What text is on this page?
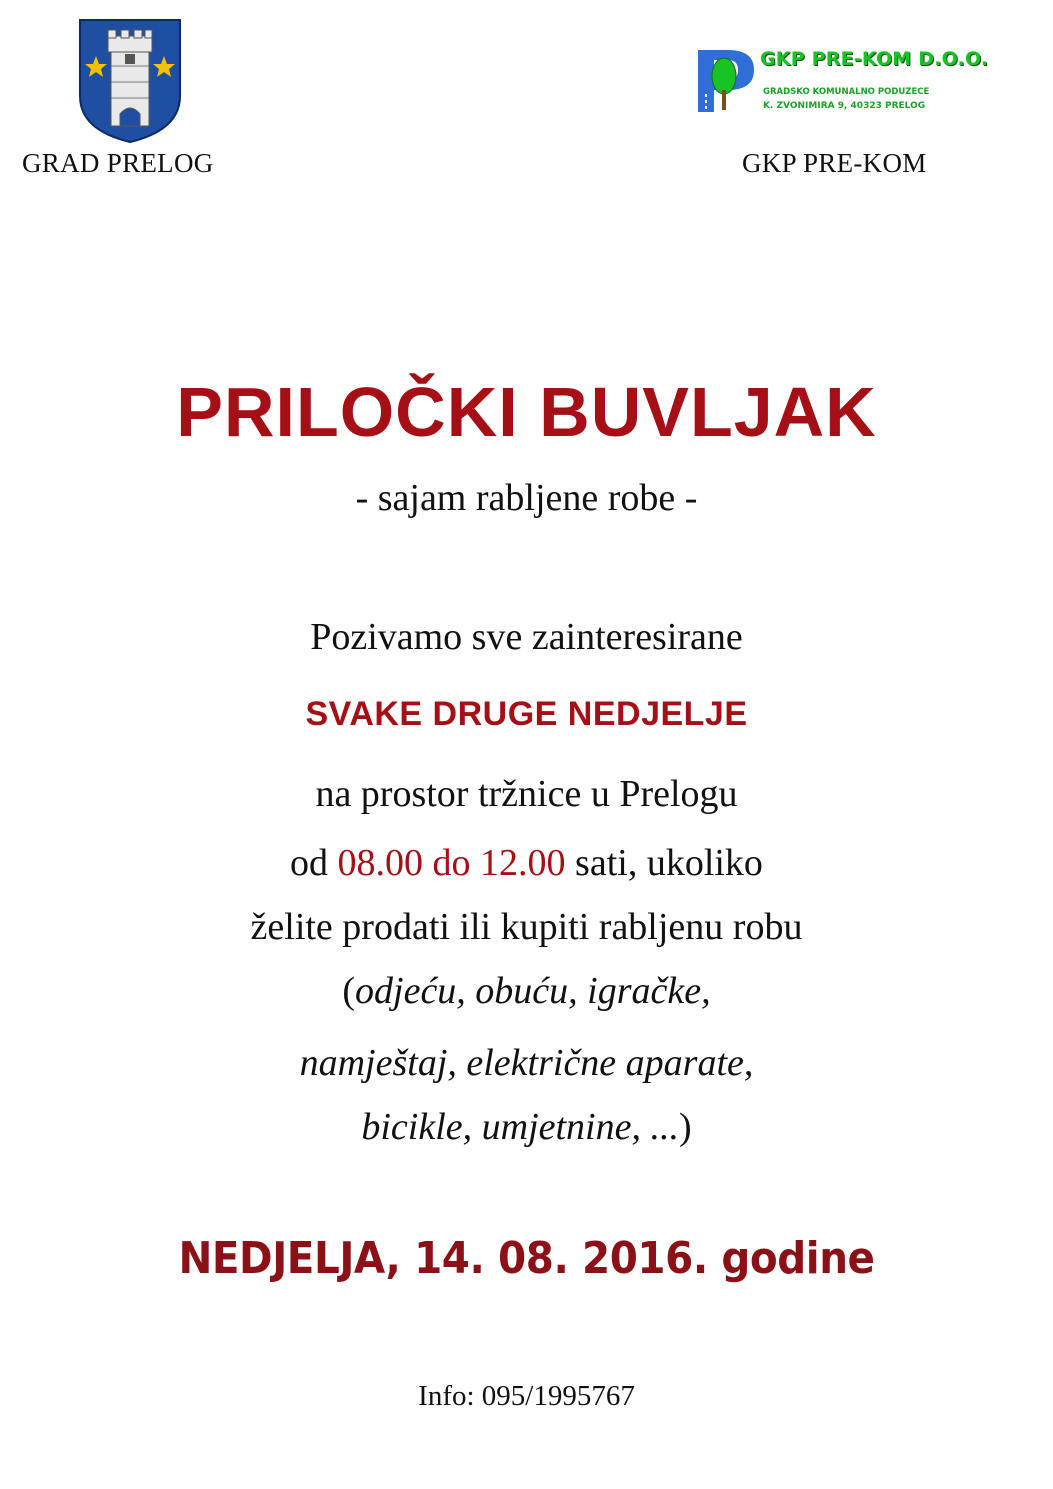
GRAD PRELOG
GKP PRE-KOM D.O.O.
GRADSKO KOMUNALNO PODUZECE
K. ZVONIMIRA 9, 40323 PRELOG
GKP PRE-KOM
PRILOČKI BUVLJAK
- sajam rabljene robe -
Pozivamo sve zainteresirane
SVAKE DRUGE NEDJELJE
na prostor tržnice u Prelogu
od 08.00 do 12.00 sati, ukoliko
želite prodati ili kupiti rabljenu robu
(odjeću, obuću, igračke,
namještaj, električne aparate,
bicikle, umjetnine, ...)
NEDJELJA, 14. 08. 2016. godine
Info: 095/1995767
